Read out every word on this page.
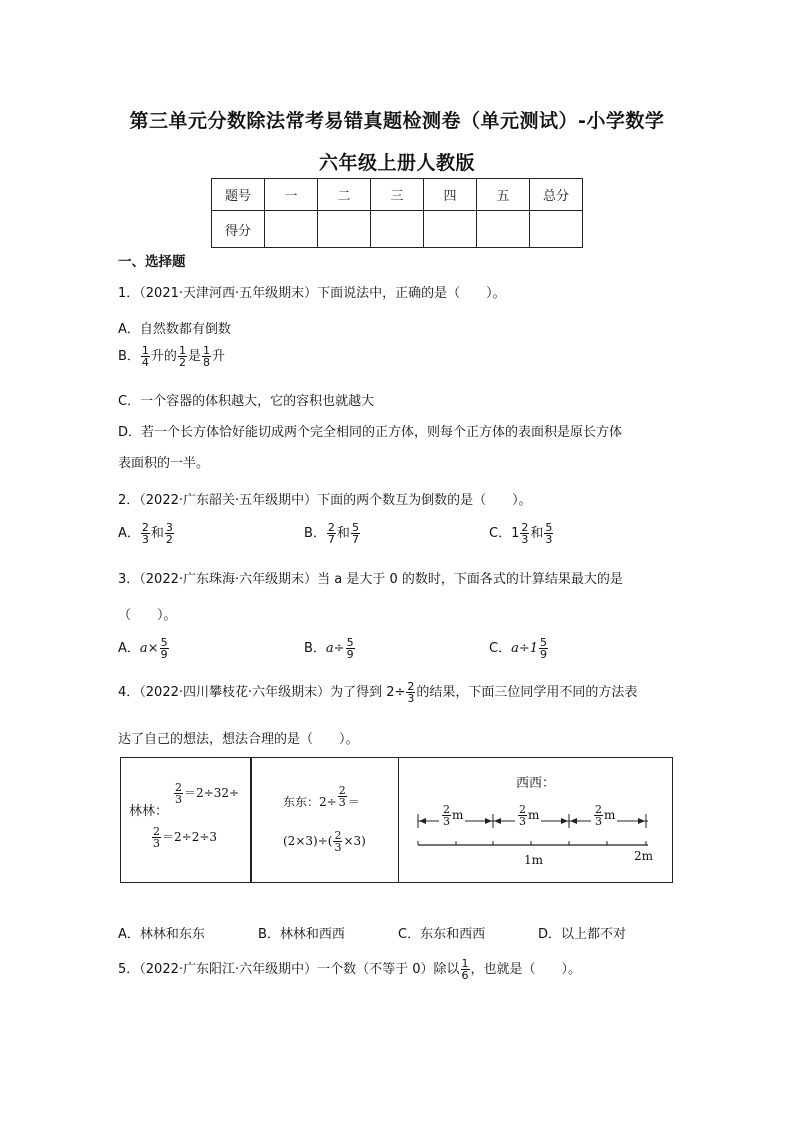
第三单元分数除法常考易错真题检测卷（单元测试）-小学数学
六年级上册人教版
题号	一	二	三	四	五	总分
得分						
一、选择题
1．（2021·天津河西·五年级期末）下面说法中，正确的是（　　）。
A．自然数都有倒数
B． $\frac{1}{4}$ 升的 $\frac{1}{2}$ 是 $\frac{1}{8}$ 升
C．一个容器的体积越大，它的容积也就越大
D．若一个长方体恰好能切成两个完全相同的正方体，则每个正方体的表面积是原长方体
表面积的一半。
2．（2022·广东韶关·五年级期中）下面的两个数互为倒数的是（　　）。
A． $\frac{2}{3}$ 和 $\frac{3}{2}$	B． $\frac{2}{7}$ 和 $\frac{5}{7}$	C．$1 \frac{2}{3}$ 和 $\frac{5}{3}$
3．（2022·广东珠海·六年级期末）当 a 是大于 0 的数时，下面各式的计算结果最大的是
（　　）。
A．$a\times \frac{5}{9}$	B．$a\div \frac{5}{9}$	C．$a\div 1 \frac{5}{9}$
4．（2022·四川攀枝花·六年级期末）为了得到 $2\div \frac{2}{3}$ 的结果，下面三位同学用不同的方法表
达了自己的想法，想法合理的是（　　）。
林林：
$\frac{2}{3} =2\div 32\div$
$\frac{2}{3} =2\div 2\div 3$
东东：$2\div \frac{2}{3}$ ＝
$(2\times 3)\div( \frac{2}{3} \times 3)$
西西：
$\frac{2}{3}$ m	$\frac{2}{3}$ m	$\frac{2}{3}$ m
1m	2m
A．林林和东东	B．林林和西西	C．东东和西西	D．以上都不对
5．（2022·广东阳江·六年级期中）一个数（不等于 0）除以 $\frac{1}{6}$ ，也就是（　　）。
